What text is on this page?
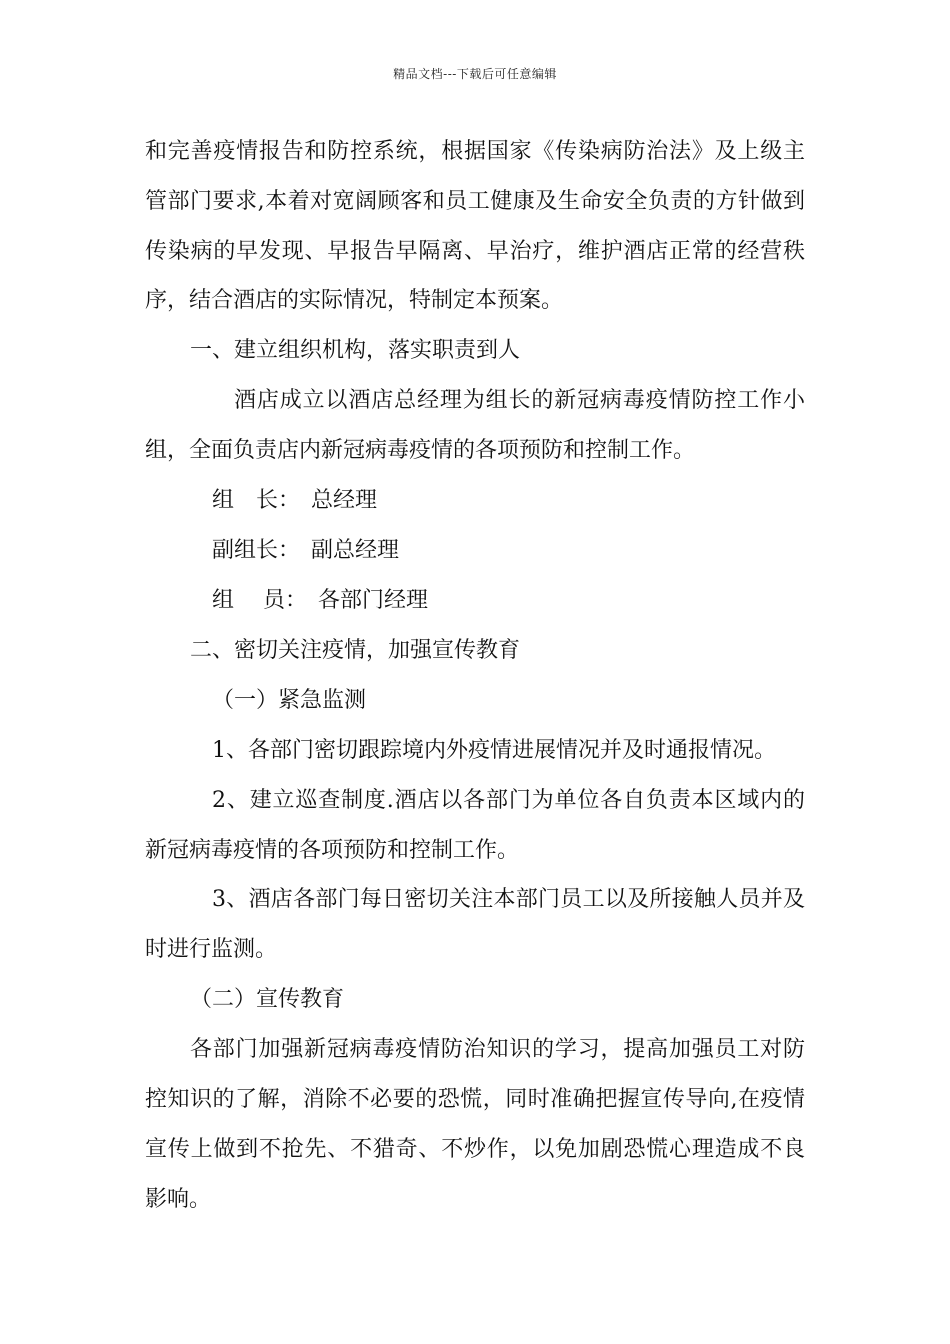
精品文档---下载后可任意编辑

和完善疫情报告和防控系统，根据国家《传染病防治法》及上级主

管部门要求,本着对宽阔顾客和员工健康及生命安全负责的方针做到

传染病的早发现、早报告早隔离、早治疗，维护酒店正常的经营秩

序，结合酒店的实际情况，特制定本预案。

一、建立组织机构，落实职责到人

酒店成立以酒店总经理为组长的新冠病毒疫情防控工作小

组，全面负责店内新冠病毒疫情的各项预防和控制工作。

组　长：　总经理

副组长：　副总经理

组　 员：　各部门经理

二、密切关注疫情，加强宣传教育

（一）紧急监测

1、各部门密切跟踪境内外疫情进展情况并及时通报情况。

2、建立巡查制度.酒店以各部门为单位各自负责本区域内的

新冠病毒疫情的各项预防和控制工作。

3、酒店各部门每日密切关注本部门员工以及所接触人员并及

时进行监测。

（二）宣传教育

各部门加强新冠病毒疫情防治知识的学习，提高加强员工对防

控知识的了解，消除不必要的恐慌，同时准确把握宣传导向,在疫情

宣传上做到不抢先、不猎奇、不炒作，以免加剧恐慌心理造成不良

影响。
